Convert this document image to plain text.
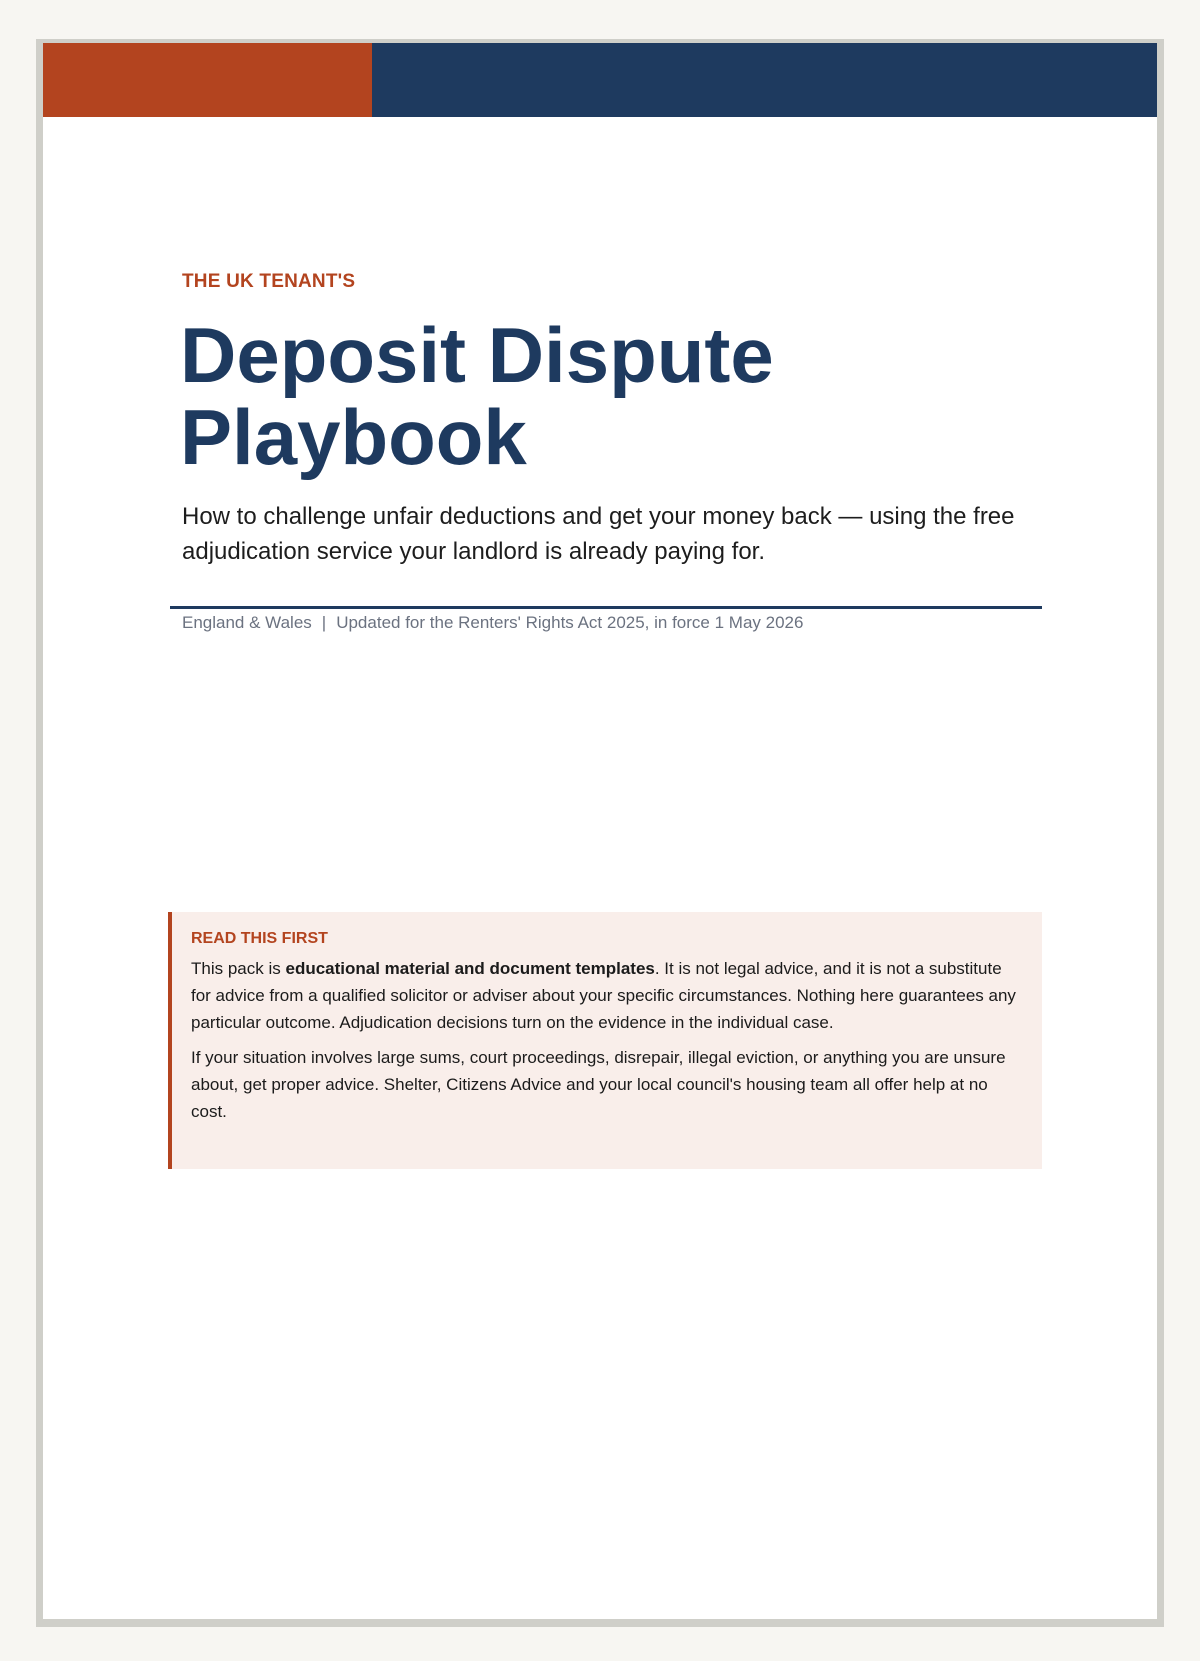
THE UK TENANT'S
Deposit Dispute Playbook

How to challenge unfair deductions and get your money back — using the free adjudication service your landlord is already paying for.

England & Wales | Updated for the Renters' Rights Act 2025, in force 1 May 2026
READ THIS FIRST

This pack is educational material and document templates. It is not legal advice, and it is not a substitute for advice from a qualified solicitor or adviser about your specific circumstances. Nothing here guarantees any particular outcome. Adjudication decisions turn on the evidence in the individual case.

If your situation involves large sums, court proceedings, disrepair, illegal eviction, or anything you are unsure about, get proper advice. Shelter, Citizens Advice and your local council's housing team all offer help at no cost.
